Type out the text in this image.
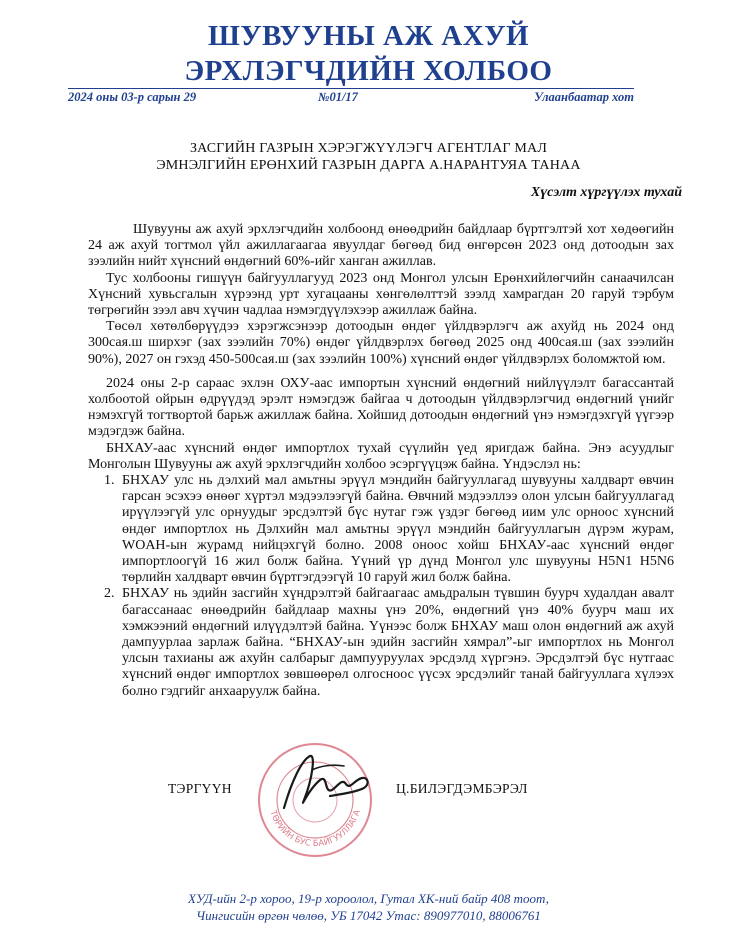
ШУВУУНЫ АЖ АХУЙ
ЭРХЛЭГЧДИЙН ХОЛБОО
2024 оны 03-р сарын 29	№01/17	Улаанбаатар хот
ЗАСГИЙН ГАЗРЫН ХЭРЭГЖҮҮЛЭГЧ АГЕНТЛАГ МАЛ
ЭМНЭЛГИЙН ЕРӨНХИЙ ГАЗРЫН ДАРГА А.НАРАНТУЯА ТАНАА
Хүсэлт хүргүүлэх тухай

Шувууны аж ахуй эрхлэгчдийн холбоонд өнөөдрийн байдлаар бүртгэлтэй хот хөдөөгийн 24 аж ахуй тогтмол үйл ажиллагаагаа явуулдаг бөгөөд бид өнгөрсөн 2023 онд дотоодын зах зээлийн нийт хүнсний өндөгний 60%-ийг ханган ажиллав.

Тус холбооны гишүүн байгууллагууд 2023 онд Монгол улсын Ерөнхийлөгчийн санаачилсан Хүнсний хувьсгалын хүрээнд урт хугацааны хөнгөлөлттэй зээлд хамрагдан 20 гаруй тэрбум төгрөгийн зээл авч хүчин чадлаа нэмэгдүүлэхээр ажиллаж байна.

Төсөл хөтөлбөрүүдээ хэрэгжсэнээр дотоодын өндөг үйлдвэрлэгч аж ахуйд нь 2024 онд 300сая.ш ширхэг (зах зээлийн 70%) өндөг үйлдвэрлэх бөгөөд 2025 онд 400сая.ш (зах зээлийн 90%), 2027 он гэхэд 450-500сая.ш (зах зээлийн 100%) хүнсний өндөг үйлдвэрлэх боломжтой юм.

2024 оны 2-р сараас эхлэн ОХУ-аас импортын хүнсний өндөгний нийлүүлэлт багассантай холбоотой ойрын өдрүүдэд эрэлт нэмэгдэж байгаа ч дотоодын үйлдвэрлэгчид өндөгний үнийг нэмэхгүй тогтвортой барьж ажиллаж байна. Хойшид дотоодын өндөгний үнэ нэмэгдэхгүй үүгээр мэдэгдэж байна.

БНХАУ-аас хүнсний өндөг импортлох тухай сүүлийн үед яригдаж байна. Энэ асуудлыг Монголын Шувууны аж ахуй эрхлэгчдийн холбоо эсэргүүцэж байна. Үндэслэл нь:

1. БНХАУ улс нь дэлхий мал амьтны эрүүл мэндийн байгууллагад шувууны халдварт өвчин гарсан эсэхээ өнөөг хүртэл мэдээлээгүй байна. Өвчний мэдээллээ олон улсын байгууллагад ирүүлээгүй улс орнуудыг эрсдэлтэй бүс нутаг гэж үздэг бөгөөд иим улс орноос хүнсний өндөг импортлох нь Дэлхийн мал амьтны эрүүл мэндийн байгууллагын дүрэм журам, WOAH-ын журамд нийцэхгүй болно. 2008 оноос хойш БНХАУ-аас хүнсний өндөг импортлоогүй 16 жил болж байна. Үүний үр дүнд Монгол улс шувууны H5N1 H5N6 төрлийн халдварт өвчин бүртгэгдээгүй 10 гаруй жил болж байна.
2. БНХАУ нь эдийн засгийн хүндрэлтэй байгаагаас амьдралын түвшин буурч худалдан авалт багассанаас өнөөдрийн байдлаар махны үнэ 20%, өндөгний үнэ 40% буурч маш их хэмжээний өндөгний илүүдэлтэй байна. Үүнээс болж БНХАУ маш олон өндөгний аж ахуй дампуурлаа зарлаж байна. “БНХАУ-ын эдийн засгийн хямрал”-ыг импортлох нь Монгол улсын тахианы аж ахуйн салбарыг дампууруулах эрсдэлд хүргэнэ. Эрсдэлтэй бүс нутгаас хүнсний өндөг импортлох зөвшөөрөл олгосноос үүсэх эрсдэлийг танай байгууллага хүлээх болно гэдгийг анхааруулж байна.
ТӨРИЙН БУС БАЙГУУЛЛАГА
ТЭРГҮҮН	Ц.БИЛЭГДЭМБЭРЭЛ
ХУД-ийн 2-р хороо, 19-р хороолол, Гутал ХК-ний байр 408 тоот,
Чингисийн өргөн чөлөө, УБ 17042 Утас: 890977010, 88006761
